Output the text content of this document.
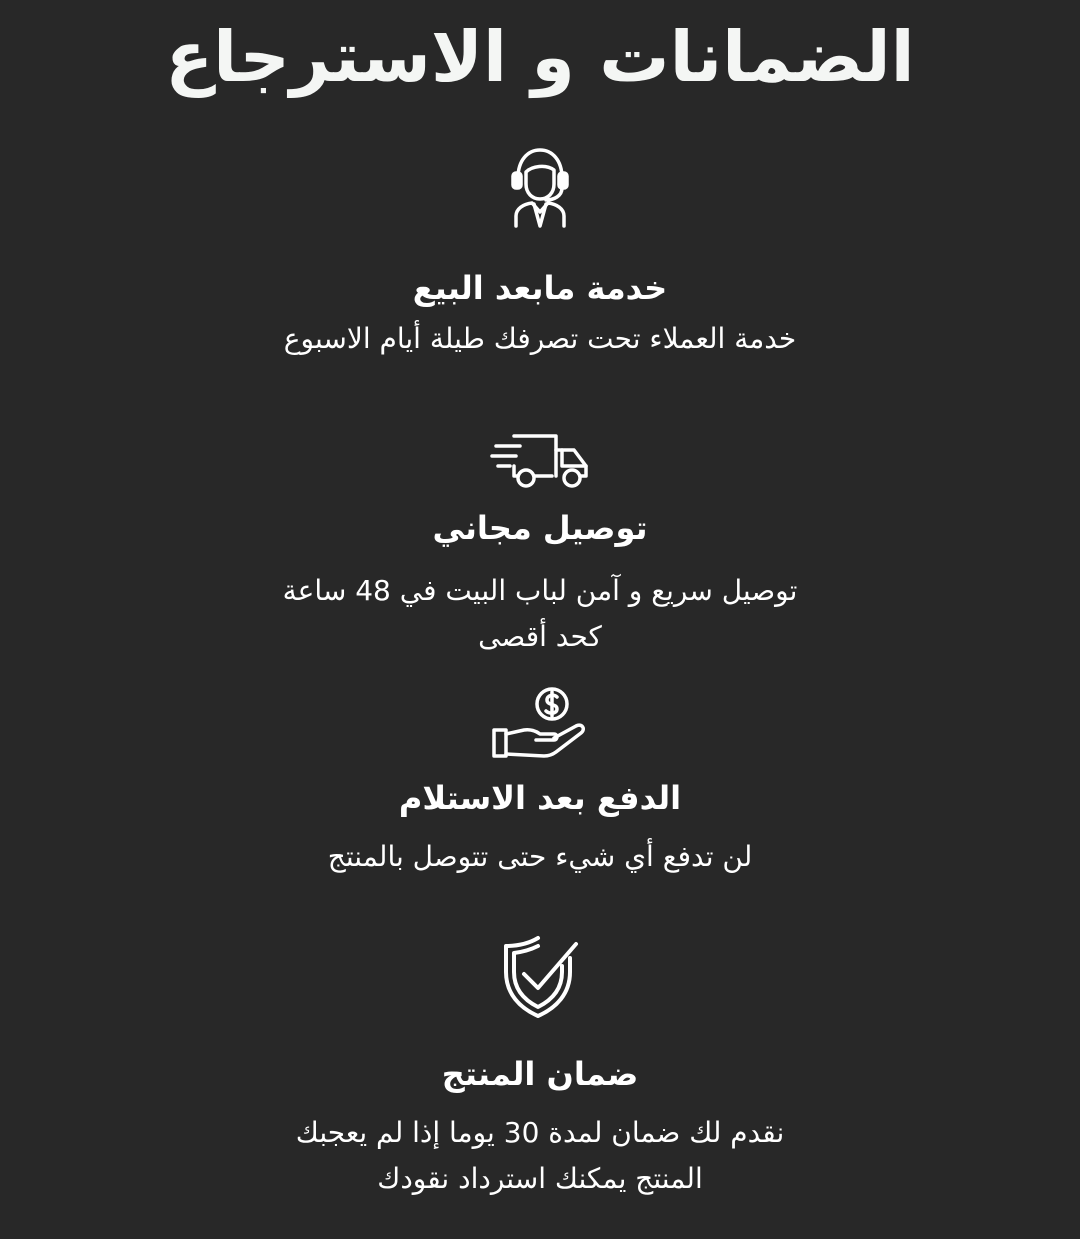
الضمانات و الاسترجاع
خدمة مابعد البيع

خدمة العملاء تحت تصرفك طيلة أيام الاسبوع

توصيل مجاني

توصيل سريع و آمن لباب البيت في 48 ساعة كحد أقصى

الدفع بعد الاستلام

لن تدفع أي شيء حتى تتوصل بالمنتج

ضمان المنتج

نقدم لك ضمان لمدة 30 يوما إذا لم يعجبك المنتج يمكنك استرداد نقودك
